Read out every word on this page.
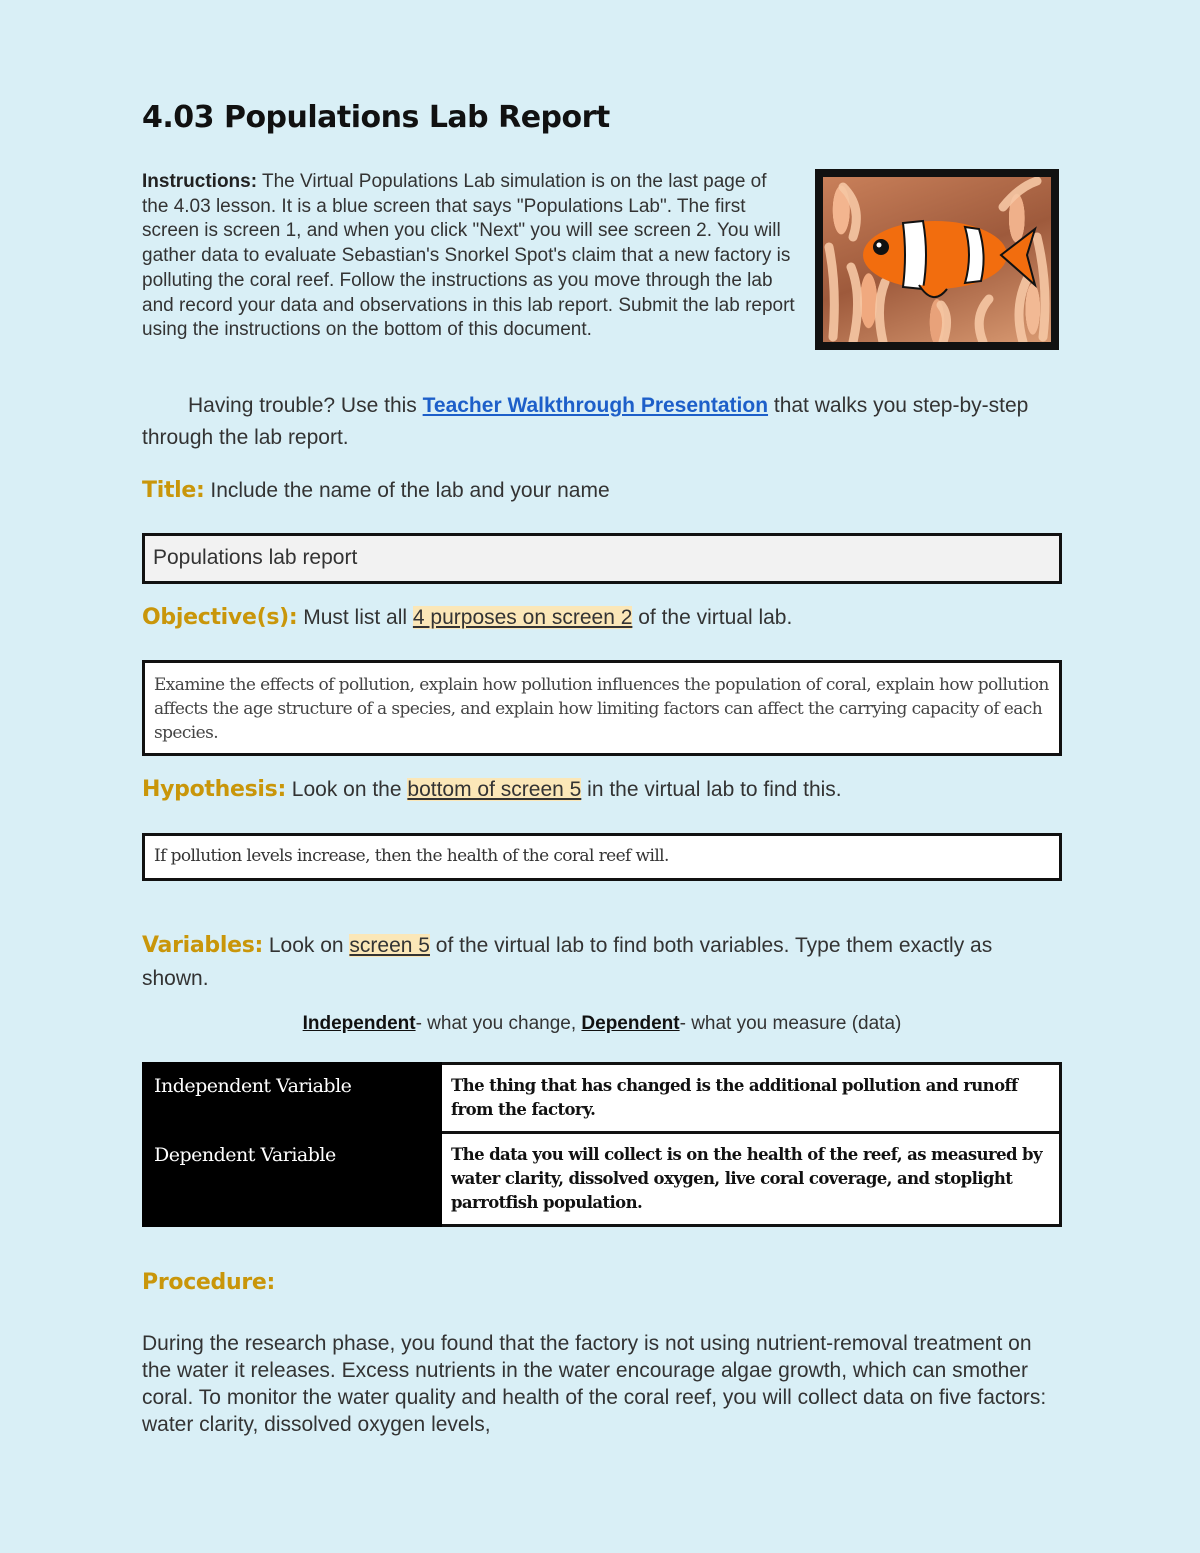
4.03 Populations Lab Report
Instructions: The Virtual Populations Lab simulation is on the last page of the 4.03 lesson. It is a blue screen that says "Populations Lab". The first screen is screen 1, and when you click "Next" you will see screen 2. You will gather data to evaluate Sebastian's Snorkel Spot's claim that a new factory is polluting the coral reef. Follow the instructions as you move through the lab and record your data and observations in this lab report. Submit the lab report using the instructions on the bottom of this document.
Having trouble? Use this Teacher Walkthrough Presentation that walks you step-by-step through the lab report.
Title: Include the name of the lab and your name
Populations lab report
Objective(s): Must list all 4 purposes on screen 2 of the virtual lab.
Examine the effects of pollution, explain how pollution influences the population of coral, explain how pollution affects the age structure of a species, and explain how limiting factors can affect the carrying capacity of each species.
Hypothesis: Look on the bottom of screen 5 in the virtual lab to find this.
If pollution levels increase, then the health of the coral reef will.
Variables: Look on screen 5 of the virtual lab to find both variables. Type them exactly as shown.
Independent- what you change, Dependent- what you measure (data)
Independent Variable	The thing that has changed is the additional pollution and runoff from the factory.
Dependent Variable	The data you will collect is on the health of the reef, as measured by water clarity, dissolved oxygen, live coral coverage, and stoplight parrotfish population.
Procedure:
During the research phase, you found that the factory is not using nutrient-removal treatment on the water it releases. Excess nutrients in the water encourage algae growth, which can smother coral. To monitor the water quality and health of the coral reef, you will collect data on five factors: water clarity, dissolved oxygen levels,
